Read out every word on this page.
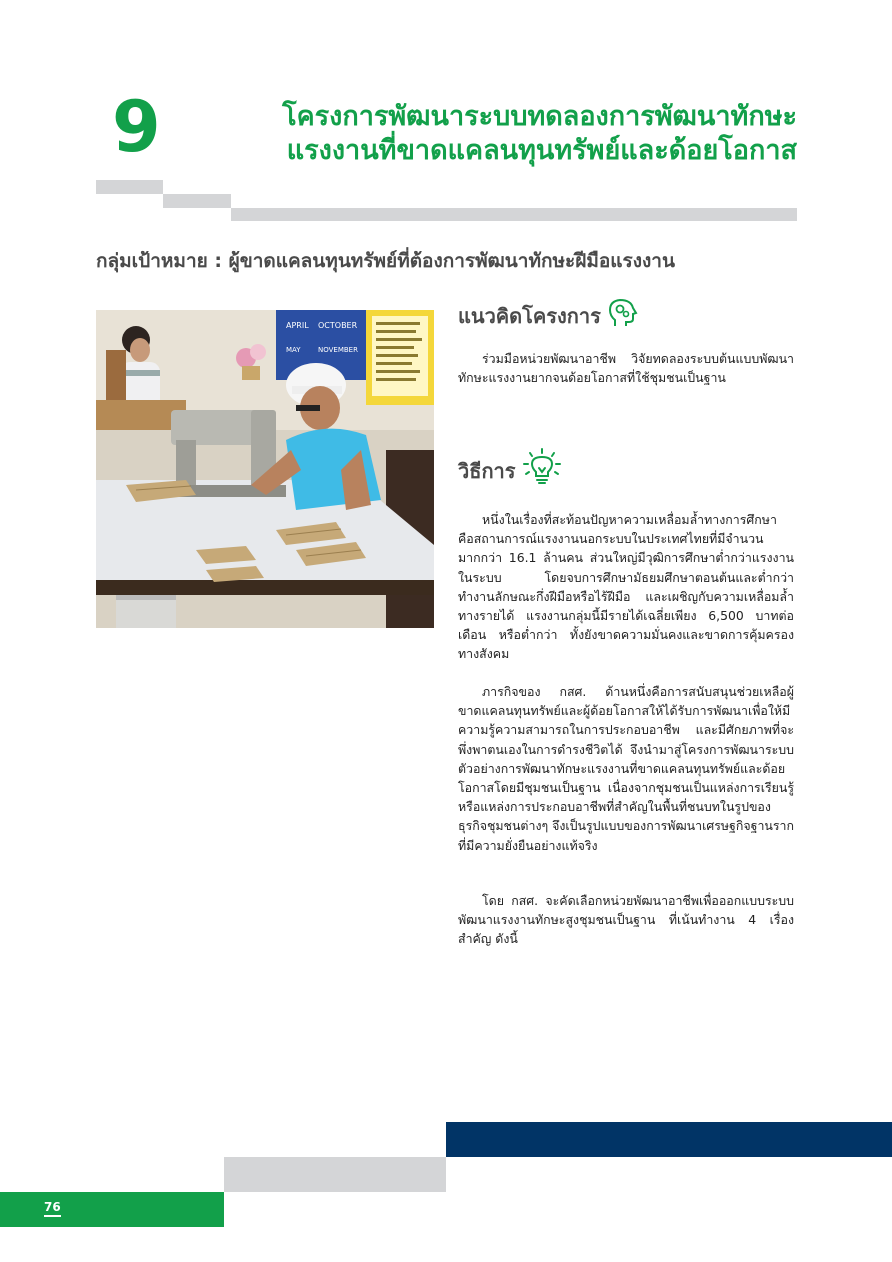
9	โครงการพัฒนาระบบทดลองการพัฒนาทักษะ
แรงงานที่ขาดแคลนทุนทรัพย์และด้อยโอกาส
กลุ่มเป้าหมาย : ผู้ขาดแคลนทุนทรัพย์ที่ต้องการพัฒนาทักษะฝีมือแรงงาน
APRIL OCTOBER
MAY NOVEMBER
แนวคิดโครงการ
ร่วมมือหน่วยพัฒนาอาชีพ วิจัยทดลองระบบต้นแบบพัฒนาทักษะแรงงานยากจนด้อยโอกาสที่ใช้ชุมชนเป็นฐาน
วิธีการ
หนึ่งในเรื่องที่สะท้อนปัญหาความเหลื่อมล้ำทางการศึกษา คือสถานการณ์แรงงานนอกระบบในประเทศไทยที่มีจำนวนมากกว่า 16.1 ล้านคน ส่วนใหญ่มีวุฒิการศึกษาต่ำกว่าแรงงานในระบบ โดยจบการศึกษามัธยมศึกษาตอนต้นและต่ำกว่า ทำงานลักษณะกึ่งฝีมือหรือไร้ฝีมือ และเผชิญกับความเหลื่อมล้ำทางรายได้ แรงงานกลุ่มนี้มีรายได้เฉลี่ยเพียง 6,500 บาทต่อเดือน หรือต่ำกว่า ทั้งยังขาดความมั่นคงและขาดการคุ้มครองทางสังคม
ภารกิจของ กสศ. ด้านหนึ่งคือการสนับสนุนช่วยเหลือผู้ขาดแคลนทุนทรัพย์และผู้ด้อยโอกาสให้ได้รับการพัฒนาเพื่อให้มีความรู้ความสามารถในการประกอบอาชีพ และมีศักยภาพที่จะพึ่งพาตนเองในการดำรงชีวิตได้ จึงนำมาสู่โครงการพัฒนาระบบตัวอย่างการพัฒนาทักษะแรงงานที่ขาดแคลนทุนทรัพย์และด้อยโอกาสโดยมีชุมชนเป็นฐาน เนื่องจากชุมชนเป็นแหล่งการเรียนรู้หรือแหล่งการประกอบอาชีพที่สำคัญในพื้นที่ชนบทในรูปของธุรกิจชุมชนต่างๆ จึงเป็นรูปแบบของการพัฒนาเศรษฐกิจฐานรากที่มีความยั่งยืนอย่างแท้จริง
โดย กสศ. จะคัดเลือกหน่วยพัฒนาอาชีพเพื่อออกแบบระบบพัฒนาแรงงานทักษะสูงชุมชนเป็นฐาน ที่เน้นทำงาน 4 เรื่องสำคัญ ดังนี้
76
